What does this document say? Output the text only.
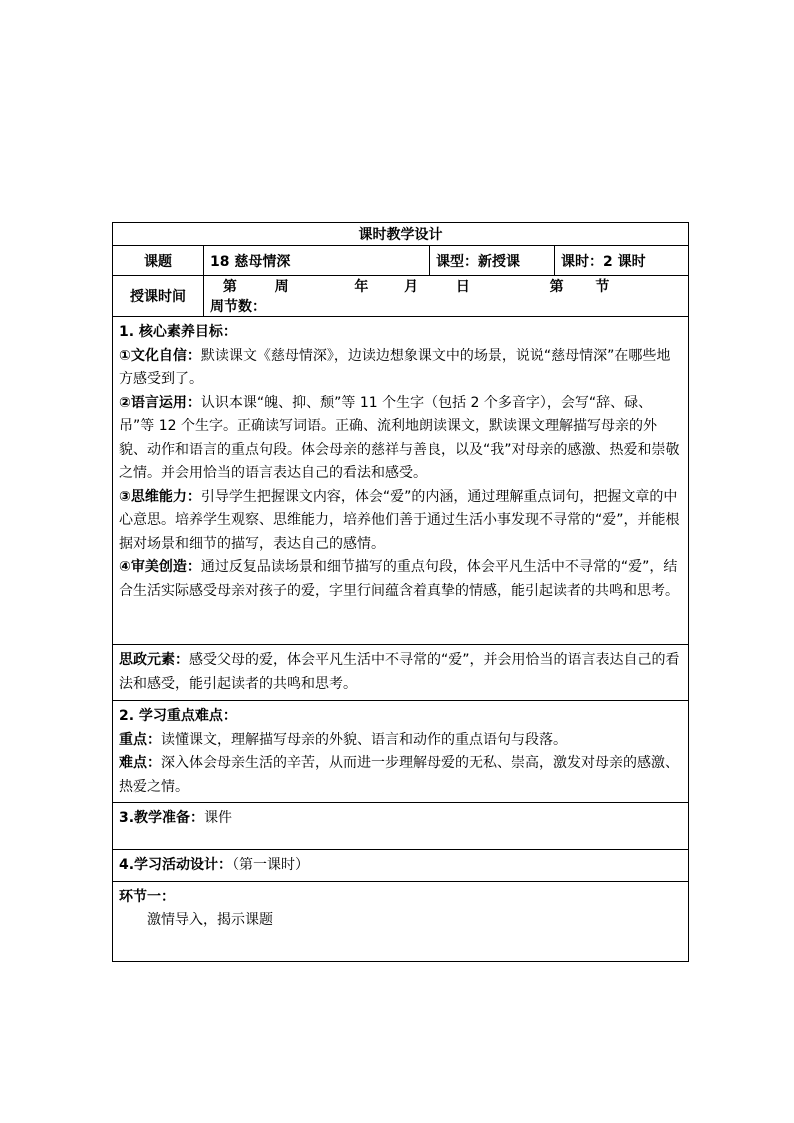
课时教学设计			
课题	18 慈母情深	课型：新授课	课时：2 课时
授课时间	第 周 年 月 日 第 节  周节数：		

1. 核心素养目标：

①文化自信：默读课文《慈母情深》，边读边想象课文中的场景，说说“慈母情深”在哪些地方感受到了。

②语言运用：认识本课“魄、抑、颓”等 11 个生字（包括 2 个多音字），会写“辞、碌、吊”等 12 个生字。正确读写词语。正确、流利地朗读课文，默读课文理解描写母亲的外貌、动作和语言的重点句段。体会母亲的慈祥与善良，以及“我”对母亲的感激、热爱和崇敬之情。并会用恰当的语言表达自己的看法和感受。

③思维能力：引导学生把握课文内容，体会“爱”的内涵，通过理解重点词句，把握文章的中心意思。培养学生观察、思维能力，培养他们善于通过生活小事发现不寻常的“爱”，并能根据对场景和细节的描写，表达自己的感情。

④审美创造：通过反复品读场景和细节描写的重点句段，体会平凡生活中不寻常的“爱”，结合生活实际感受母亲对孩子的爱，字里行间蕴含着真挚的情感，能引起读者的共鸣和思考。			

思政元素：感受父母的爱，体会平凡生活中不寻常的“爱”，并会用恰当的语言表达自己的看法和感受，能引起读者的共鸣和思考。			

2. 学习重点难点：

重点：读懂课文，理解描写母亲的外貌、语言和动作的重点语句与段落。

难点：深入体会母亲生活的辛苦，从而进一步理解母爱的无私、崇高，激发对母亲的感激、热爱之情。			

3.教学准备：课件			

4.学习活动设计：（第一课时）			

环节一：

激情导入，揭示课题			
